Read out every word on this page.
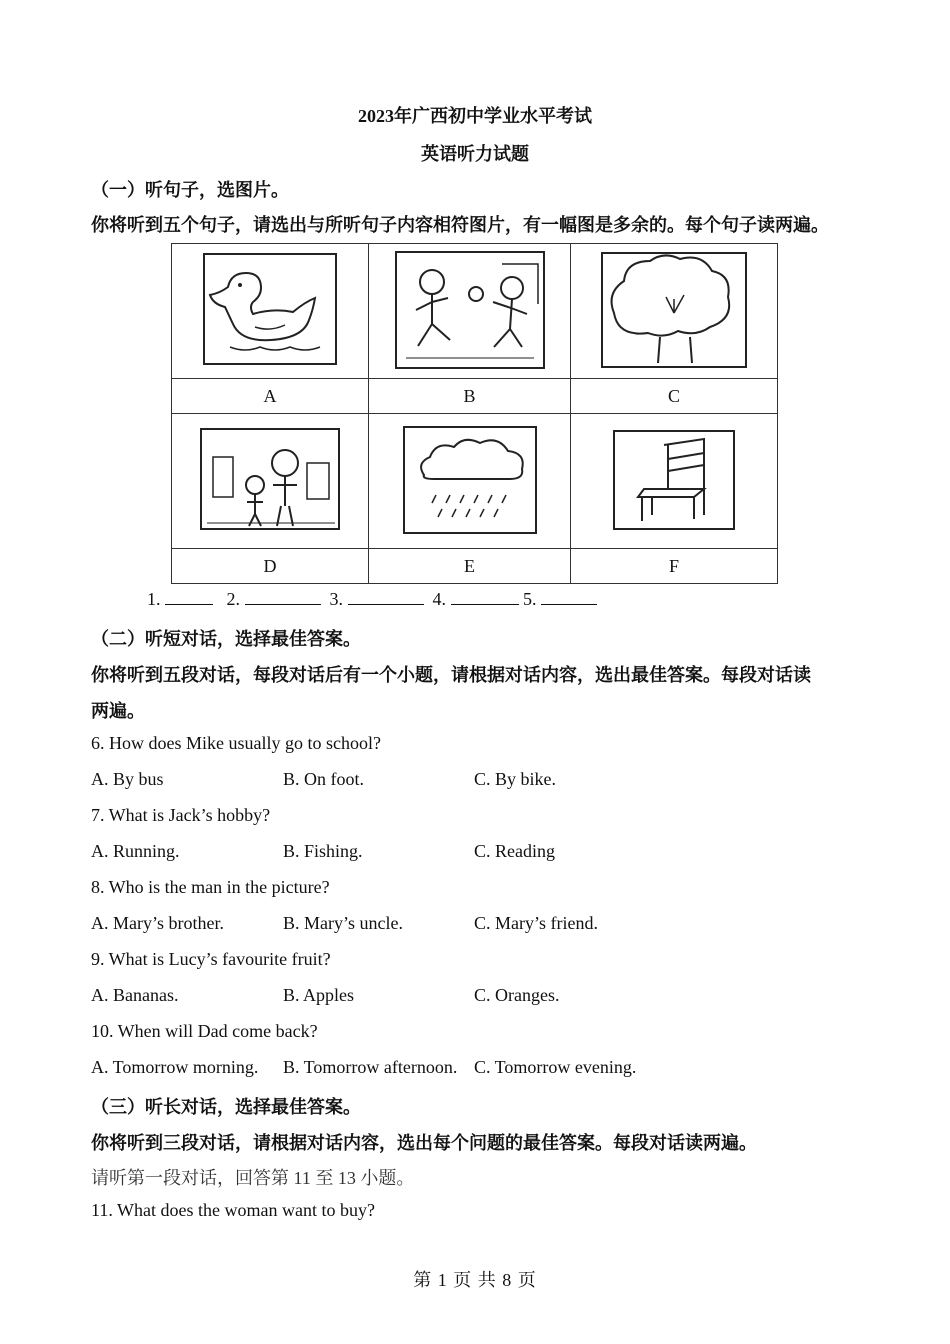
2023年广西初中学业水平考试
英语听力试题
（一）听句子，选图片。
你将听到五个句子，请选出与所听句子内容相符图片，有一幅图是多余的。每个句子读两遍。

A	B	C

D	E	F
1.	2.	3.	4.	5.
（二）听短对话，选择最佳答案。
你将听到五段对话，每段对话后有一个小题，请根据对话内容，选出最佳答案。每段对话读
两遍。
6. How does Mike usually go to school?
A. By bus	B. On foot.	C. By bike.
7. What is Jack’s hobby?
A. Running.	B. Fishing.	C. Reading
8. Who is the man in the picture?
A. Mary’s brother.	B. Mary’s uncle.	C. Mary’s friend.
9. What is Lucy’s favourite fruit?
A. Bananas.	B. Apples	C. Oranges.
10. When will Dad come back?
A. Tomorrow morning. B. Tomorrow afternoon. C. Tomorrow evening.
（三）听长对话，选择最佳答案。
你将听到三段对话，请根据对话内容，选出每个问题的最佳答案。每段对话读两遍。
请听第一段对话，回答第 11 至 13 小题。
11. What does the woman want to buy?
第 1 页 共 8 页
